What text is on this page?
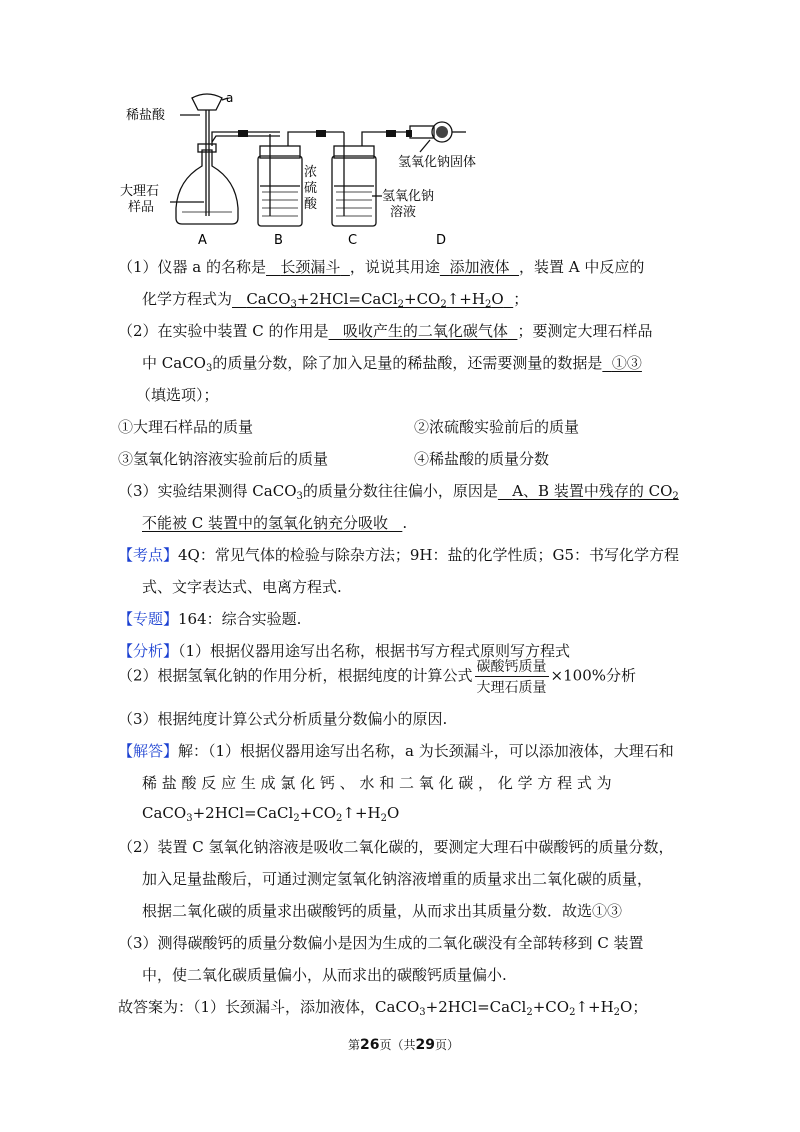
稀盐酸
a
大理石
样品
浓
硫
酸
氢氧化钠
溶液
氢氧化钠固体
A	B	C	D
（1）仪器 a 的名称是 长颈漏斗 ，说说其用途 添加液体 ，装置 A 中反应的
化学方程式为 $CaCO_3+2HCl=CaCl_2+CO_2↑+H_2O$ ；
（2）在实验中装置 C 的作用是 吸收产生的二氧化碳气体 ；要测定大理石样品
中 CaCO$_3$的质量分数，除了加入足量的稀盐酸，还需要测量的数据是 ①③
（填选项）；
①大理石样品的质量	②浓硫酸实验前后的质量
③氢氧化钠溶液实验前后的质量	④稀盐酸的质量分数
（3）实验结果测得 CaCO$_3$的质量分数往往偏小，原因是 A、B 装置中残存的 $CO_2$
不能被 C 装置中的氢氧化钠充分吸收 .
【考点】4Q：常见气体的检验与除杂方法；9H：盐的化学性质；G5：书写化学方程
式、文字表达式、电离方程式.
【专题】164：综合实验题.
【分析】（1）根据仪器用途写出名称，根据书写方程式原则写方程式
（2）根据氢氧化钠的作用分析，根据纯度的计算公式 $\frac{\text{碳酸钙质量}}{\text{大理石质量}} \times 100\%$分析
（3）根据纯度计算公式分析质量分数偏小的原因.
【解答】解：（1）根据仪器用途写出名称，a 为长颈漏斗，可以添加液体，大理石和
稀 盐 酸 反 应 生 成 氯 化 钙 、 水 和 二 氧 化 碳 ， 化 学 方 程 式 为
$CaCO_3+2HCl=CaCl_2+CO_2↑+H_2O$
（2）装置 C 氢氧化钠溶液是吸收二氧化碳的，要测定大理石中碳酸钙的质量分数，
加入足量盐酸后，可通过测定氢氧化钠溶液增重的质量求出二氧化碳的质量，
根据二氧化碳的质量求出碳酸钙的质量，从而求出其质量分数．故选①③
（3）测得碳酸钙的质量分数偏小是因为生成的二氧化碳没有全部转移到 C 装置
中，使二氧化碳质量偏小，从而求出的碳酸钙质量偏小.
故答案为：（1）长颈漏斗，添加液体，$CaCO_3+2HCl=CaCl_2+CO_2↑+H_2O$；
第26页（共29页）
